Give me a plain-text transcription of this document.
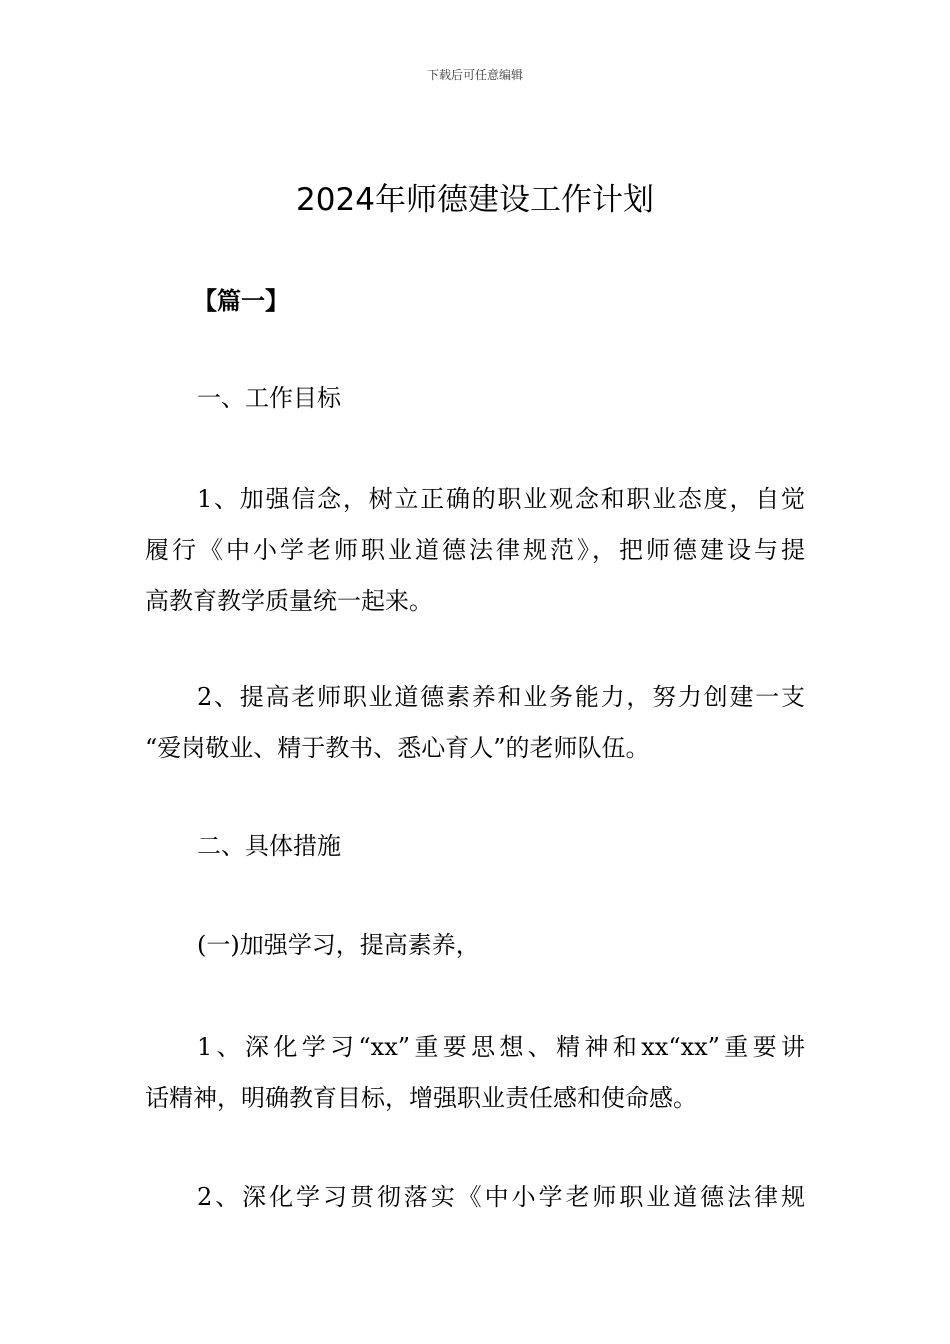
下载后可任意编辑
2024年师德建设工作计划
【篇一】
一、工作目标
1、加强信念，树立正确的职业观念和职业态度，自觉
履行《中小学老师职业道德法律规范》，把师德建设与提
高教育教学质量统一起来。
2、提高老师职业道德素养和业务能力，努力创建一支
“爱岗敬业、精于教书、悉心育人”的老师队伍。
二、具体措施
(一)加强学习，提高素养，
1、深化学习“xx”重要思想、精神和xx“xx”重要讲
话精神，明确教育目标，增强职业责任感和使命感。
2、深化学习贯彻落实《中小学老师职业道德法律规
